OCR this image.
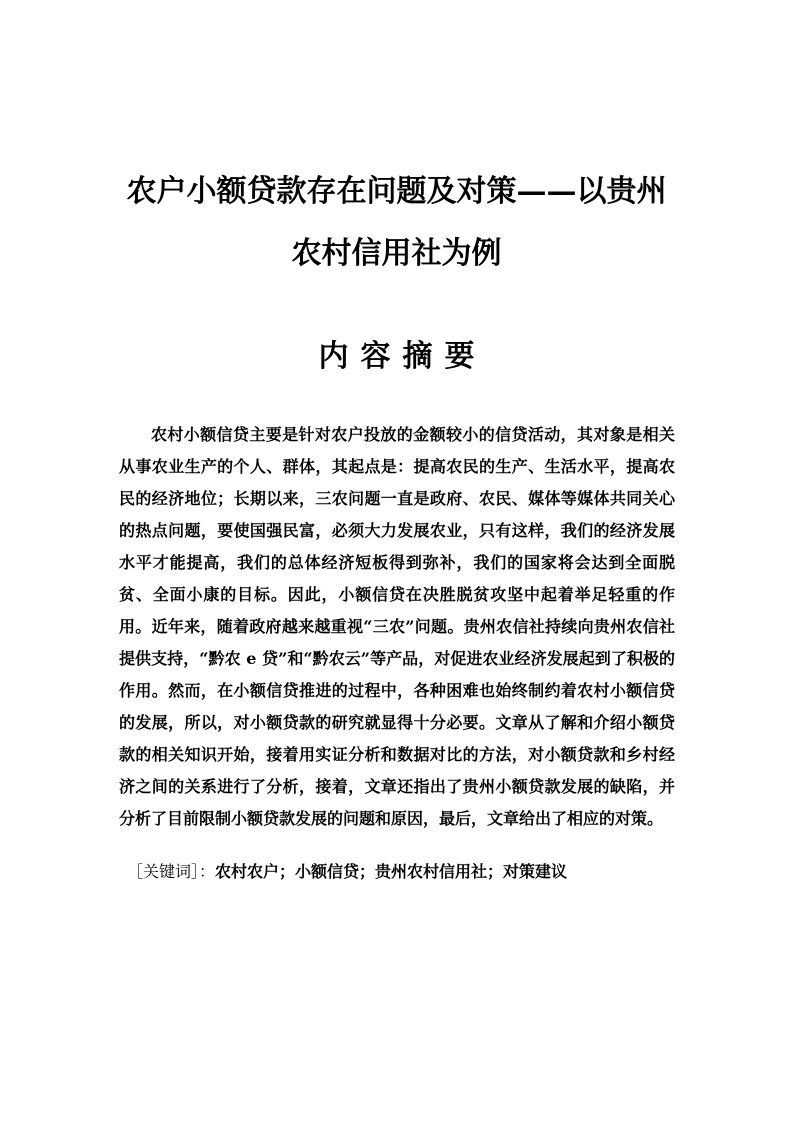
农户小额贷款存在问题及对策——以贵州
农村信用社为例
内容摘要

农村小额信贷主要是针对农户投放的金额较小的信贷活动，其对象是相关从事农业生产的个人、群体，其起点是：提高农民的生产、生活水平，提高农民的经济地位；长期以来，三农问题一直是政府、农民、媒体等媒体共同关心的热点问题，要使国强民富，必须大力发展农业，只有这样，我们的经济发展水平才能提高，我们的总体经济短板得到弥补，我们的国家将会达到全面脱贫、全面小康的目标。因此，小额信贷在决胜脱贫攻坚中起着举足轻重的作用。近年来，随着政府越来越重视“三农”问题。贵州农信社持续向贵州农信社提供支持，“黔农 e 贷”和“黔农云”等产品，对促进农业经济发展起到了积极的作用。然而，在小额信贷推进的过程中，各种困难也始终制约着农村小额信贷的发展，所以，对小额贷款的研究就显得十分必要。文章从了解和介绍小额贷款的相关知识开始，接着用实证分析和数据对比的方法，对小额贷款和乡村经济之间的关系进行了分析，接着，文章还指出了贵州小额贷款发展的缺陷，并分析了目前限制小额贷款发展的问题和原因，最后，文章给出了相应的对策。

［关键词］：农村农户；小额信贷；贵州农村信用社；对策建议
